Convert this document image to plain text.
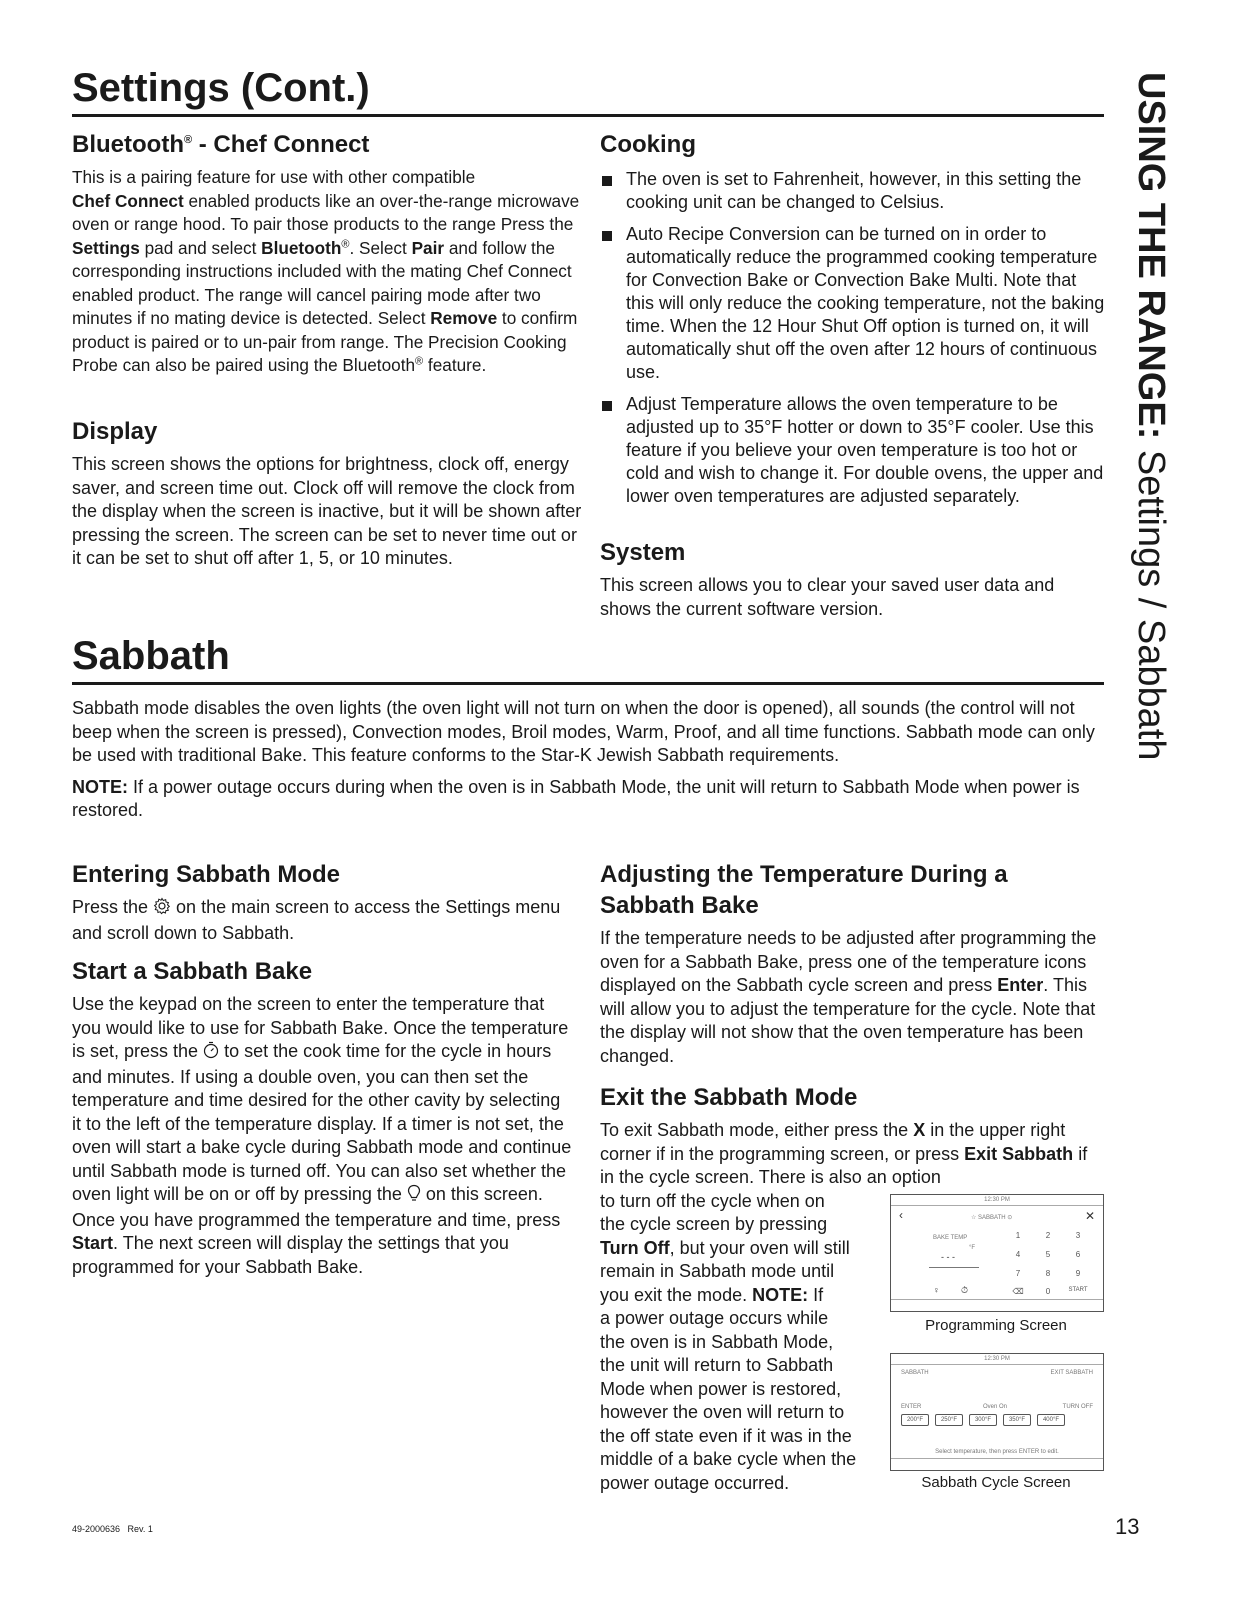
Settings (Cont.)	USING THE RANGE: Settings / Sabbath
Bluetooth® - Chef Connect

This is a pairing feature for use with other compatible
Chef Connect enabled products like an over-the-range microwave oven or range hood. To pair those products to the range Press the Settings pad and select Bluetooth®. Select Pair and follow the corresponding instructions included with the mating Chef Connect enabled product. The range will cancel pairing mode after two minutes if no mating device is detected. Select Remove to confirm product is paired or to un-pair from range. The Precision Cooking Probe can also be paired using the Bluetooth® feature.

Display

This screen shows the options for brightness, clock off, energy saver, and screen time out. Clock off will remove the clock from the display when the screen is inactive, but it will be shown after pressing the screen. The screen can be set to never time out or it can be set to shut off after 1, 5, or 10 minutes.

Cooking
The oven is set to Fahrenheit, however, in this setting the cooking unit can be changed to Celsius.
Auto Recipe Conversion can be turned on in order to automatically reduce the programmed cooking temperature for Convection Bake or Convection Bake Multi. Note that this will only reduce the cooking temperature, not the baking time. When the 12 Hour Shut Off option is turned on, it will automatically shut off the oven after 12 hours of continuous use.
Adjust Temperature allows the oven temperature to be adjusted up to 35°F hotter or down to 35°F cooler. Use this feature if you believe your oven temperature is too hot or cold and wish to change it. For double ovens, the upper and lower oven temperatures are adjusted separately.
System

This screen allows you to clear your saved user data and shows the current software version.

Sabbath

Sabbath mode disables the oven lights (the oven light will not turn on when the door is opened), all sounds (the control will not beep when the screen is pressed), Convection modes, Broil modes, Warm, Proof, and all time functions. Sabbath mode can only be used with traditional Bake. This feature conforms to the Star-K Jewish Sabbath requirements.

NOTE: If a power outage occurs during when the oven is in Sabbath Mode, the unit will return to Sabbath Mode when power is restored.

Entering Sabbath Mode

Press the  on the main screen to access the Settings menu and scroll down to Sabbath.

Start a Sabbath Bake

Use the keypad on the screen to enter the temperature that you would like to use for Sabbath Bake. Once the temperature is set, press the  to set the cook time for the cycle in hours and minutes. If using a double oven, you can then set the temperature and time desired for the other cavity by selecting it to the left of the temperature display. If a timer is not set, the oven will start a bake cycle during Sabbath mode and continue until Sabbath mode is turned off. You can also set whether the oven light will be on or off by pressing the  on this screen. Once you have programmed the temperature and time, press Start. The next screen will display the settings that you programmed for your Sabbath Bake.

Adjusting the Temperature During a Sabbath Bake

If the temperature needs to be adjusted after programming the oven for a Sabbath Bake, press one of the temperature icons displayed on the Sabbath cycle screen and press Enter. This will allow you to adjust the temperature for the cycle. Note that the display will not show that the oven temperature has been changed.

Exit the Sabbath Mode

To exit Sabbath mode, either press the X in the upper right corner if in the programming screen, or press Exit Sabbath if in the cycle screen. There is also an option

to turn off the cycle when on
the cycle screen by pressing
Turn Off, but your oven will still
remain in Sabbath mode until
you exit the mode. NOTE: If
a power outage occurs while
the oven is in Sabbath Mode,
the unit will return to Sabbath
Mode when power is restored,
however the oven will return to
the off state even if it was in the
middle of a bake cycle when the
power outage occurred.

12:30 PM
‹	☆ SABBATH ⊙	✕
BAKE TEMP
- - -
°F
1	2	3
4	5	6
7	8	9
⌫	0	START
♀ ⏱
Programming Screen
12:30 PM
SABBATH	EXIT SABBATH
ENTER	Oven On	TURN OFF
200°F	250°F	300°F	350°F	400°F
Select temperature, then press ENTER to edit.
Sabbath Cycle Screen
49-2000636   Rev. 1	13
